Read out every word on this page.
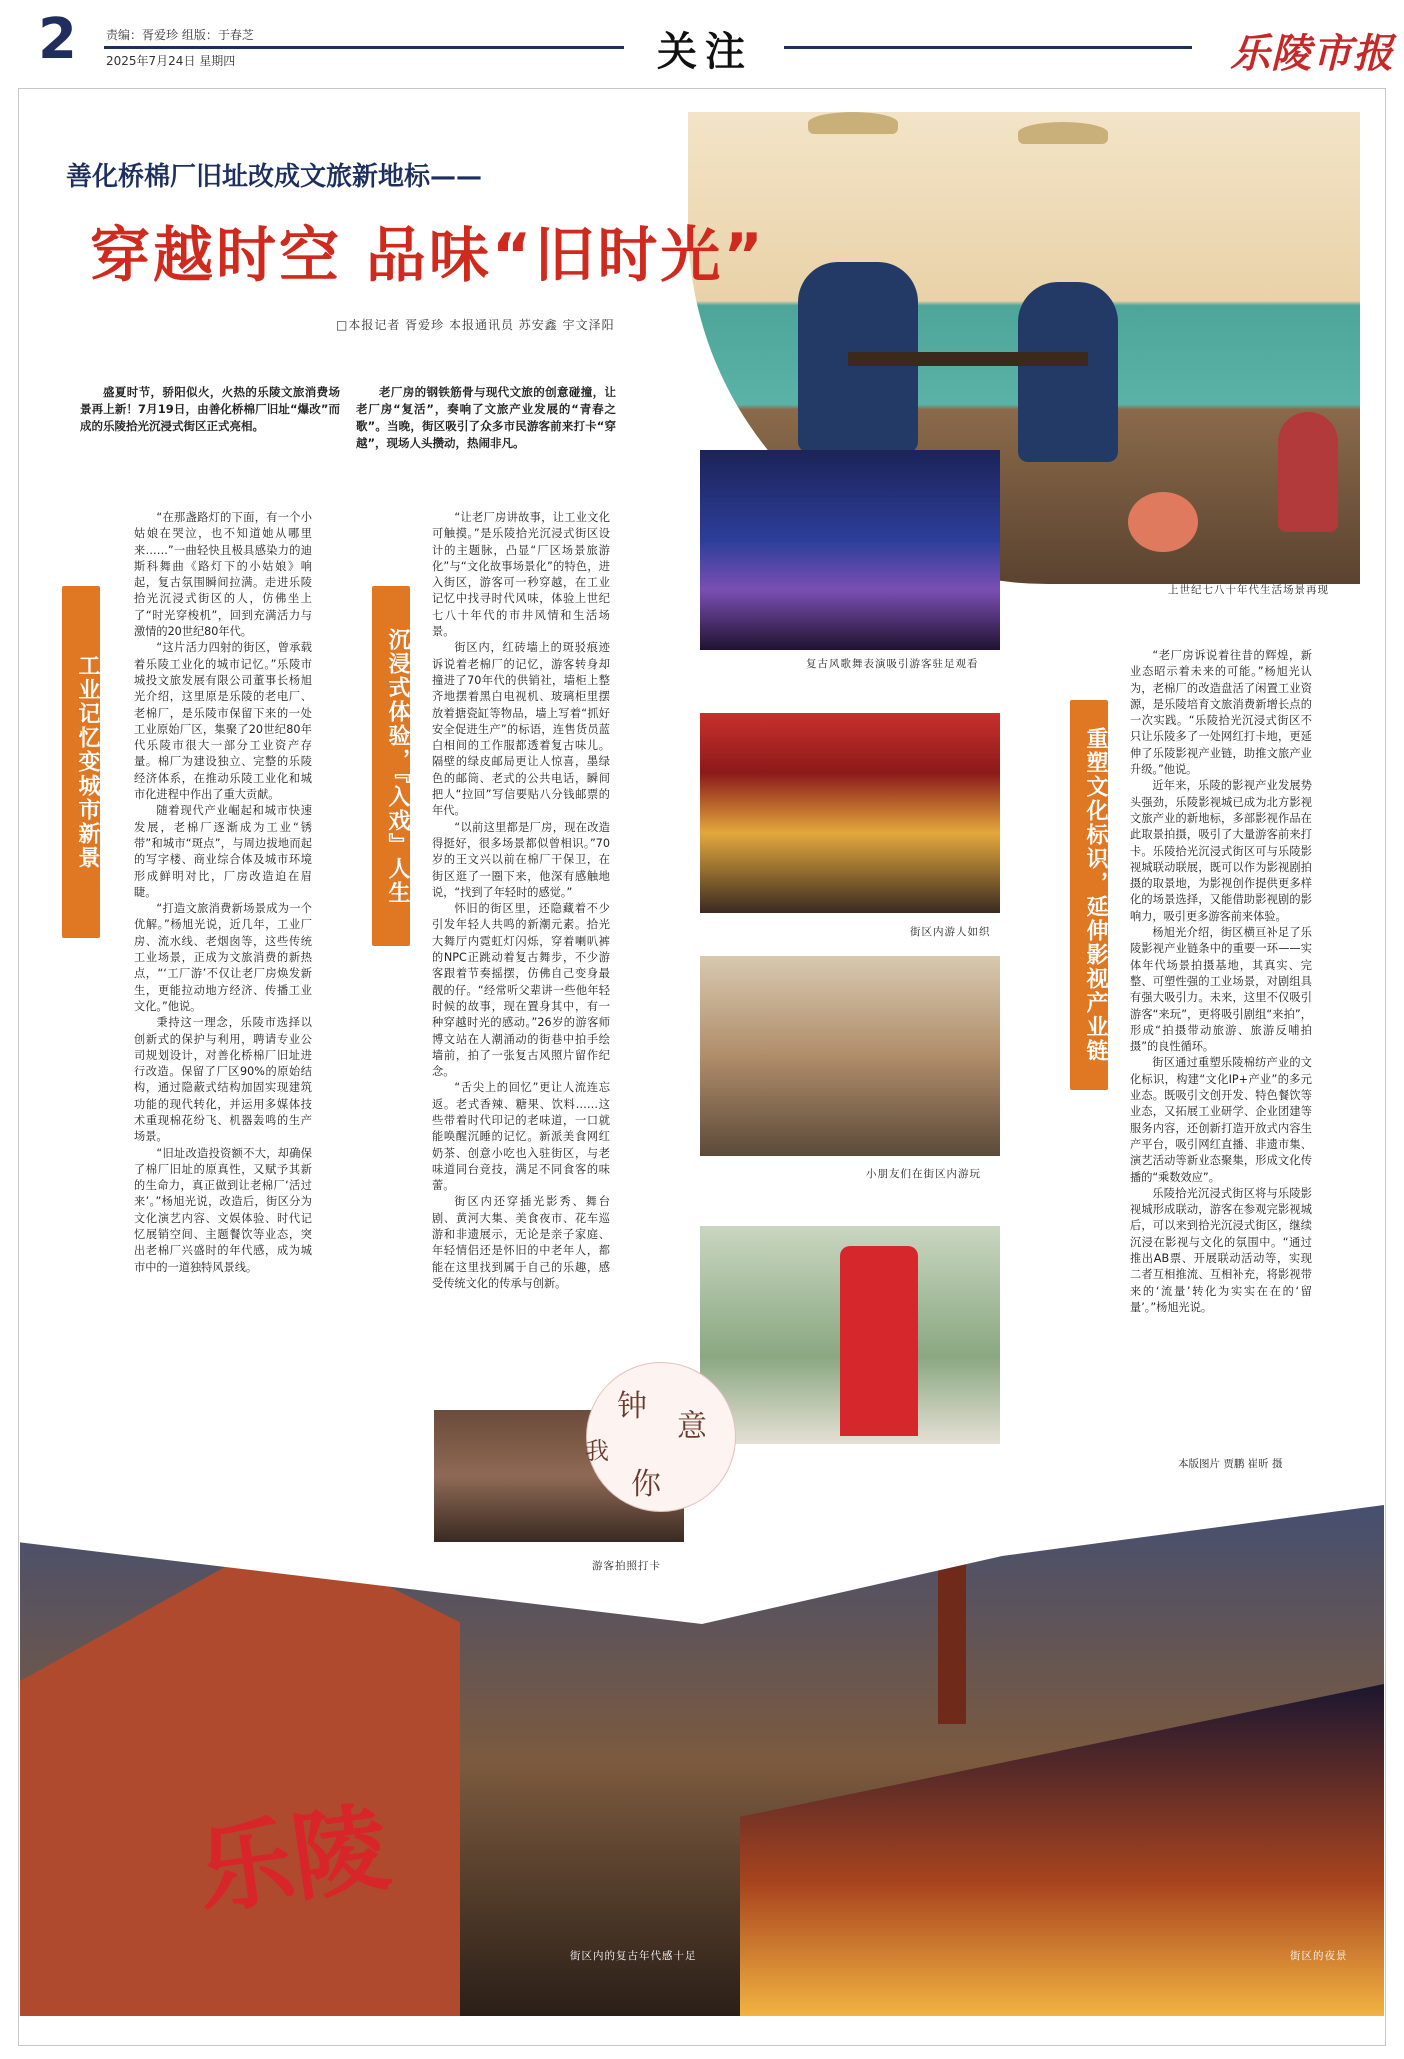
2 责编：胥爱珍 组版：于春芝
2025年7月24日 星期四	关注	乐陵市报
上世纪七八十年代生活场景再现
复古风歌舞表演吸引游客驻足观看
街区内游人如织
小朋友们在街区内游玩
乐陵
街区内的复古年代感十足	街区的夜景
钟
意
我
你
游客拍照打卡
善化桥棉厂旧址改成文旅新地标——
穿越时空 品味“旧时光”
□本报记者 胥爱珍 本报通讯员 苏安鑫 宇文泽阳
盛夏时节，骄阳似火，火热的乐陵文旅消费场景再上新！7月19日，由善化桥棉厂旧址“爆改”而成的乐陵拾光沉浸式街区正式亮相。
老厂房的钢铁筋骨与现代文旅的创意碰撞，让老厂房“复活”，奏响了文旅产业发展的“青春之歌”。当晚，街区吸引了众多市民游客前来打卡“穿越”，现场人头攒动，热闹非凡。
工业记忆变城市新景	沉浸式体验，『入戏』人生	重塑文化标识，延伸影视产业链

“在那盏路灯的下面，有一个小姑娘在哭泣，也不知道她从哪里来……”一曲轻快且极具感染力的迪斯科舞曲《路灯下的小姑娘》响起，复古氛围瞬间拉满。走进乐陵拾光沉浸式街区的人，仿佛坐上了“时光穿梭机”，回到充满活力与激情的20世纪80年代。

“这片活力四射的街区，曾承载着乐陵工业化的城市记忆。”乐陵市城投文旅发展有限公司董事长杨旭光介绍，这里原是乐陵的老电厂、老棉厂，是乐陵市保留下来的一处工业原始厂区，集聚了20世纪80年代乐陵市很大一部分工业资产存量。棉厂为建设独立、完整的乐陵经济体系，在推动乐陵工业化和城市化进程中作出了重大贡献。

随着现代产业崛起和城市快速发展，老棉厂逐渐成为工业“锈带”和城市“斑点”，与周边拔地而起的写字楼、商业综合体及城市环境形成鲜明对比，厂房改造迫在眉睫。

“打造文旅消费新场景成为一个优解。”杨旭光说，近几年，工业厂房、流水线、老烟囱等，这些传统工业场景，正成为文旅消费的新热点，“‘工厂游’不仅让老厂房焕发新生，更能拉动地方经济、传播工业文化。”他说。

秉持这一理念，乐陵市选择以创新式的保护与利用，聘请专业公司规划设计，对善化桥棉厂旧址进行改造。保留了厂区90%的原始结构，通过隐蔽式结构加固实现建筑功能的现代转化，并运用多媒体技术重现棉花纷飞、机器轰鸣的生产场景。

“旧址改造投资额不大，却确保了棉厂旧址的原真性，又赋予其新的生命力，真正做到让老棉厂‘活过来’。”杨旭光说，改造后，街区分为文化演艺内容、文娱体验、时代记忆展销空间、主题餐饮等业态，突出老棉厂兴盛时的年代感，成为城市中的一道独特风景线。

“让老厂房讲故事，让工业文化可触摸。”是乐陵拾光沉浸式街区设计的主题脉，凸显“厂区场景旅游化”与“文化故事场景化”的特色，进入街区，游客可一秒穿越，在工业记忆中找寻时代风味，体验上世纪七八十年代的市井风情和生活场景。

街区内，红砖墙上的斑驳痕迹诉说着老棉厂的记忆，游客转身却撞进了70年代的供销社，墙柜上整齐地摆着黑白电视机、玻璃柜里摆放着搪瓷缸等物品，墙上写着“抓好安全促进生产”的标语，连售货员蓝白相间的工作服都透着复古味儿。隔壁的绿皮邮局更让人惊喜，墨绿色的邮筒、老式的公共电话，瞬间把人“拉回”写信要贴八分钱邮票的年代。

“以前这里都是厂房，现在改造得挺好，很多场景都似曾相识。”70岁的王文兴以前在棉厂干保卫，在街区逛了一圈下来，他深有感触地说，“找到了年轻时的感觉。”

怀旧的街区里，还隐藏着不少引发年轻人共鸣的新潮元素。拾光大舞厅内霓虹灯闪烁，穿着喇叭裤的NPC正跳动着复古舞步，不少游客跟着节奏摇摆，仿佛自己变身最靓的仔。“经常听父辈讲一些他年轻时候的故事，现在置身其中，有一种穿越时光的感动。”26岁的游客师博文站在人潮涌动的街巷中拍手绘墙前，拍了一张复古风照片留作纪念。

“舌尖上的回忆”更让人流连忘返。老式香辣、糖果、饮料……这些带着时代印记的老味道，一口就能唤醒沉睡的记忆。新派美食网红奶茶、创意小吃也入驻街区，与老味道同台竞技，满足不同食客的味蕾。

街区内还穿插光影秀、舞台剧、黄河大集、美食夜市、花车巡游和非遗展示，无论是亲子家庭、年轻情侣还是怀旧的中老年人，都能在这里找到属于自己的乐趣，感受传统文化的传承与创新。

“老厂房诉说着往昔的辉煌，新业态昭示着未来的可能。”杨旭光认为，老棉厂的改造盘活了闲置工业资源，是乐陵培育文旅消费新增长点的一次实践。“乐陵拾光沉浸式街区不只让乐陵多了一处网红打卡地，更延伸了乐陵影视产业链，助推文旅产业升级。”他说。

近年来，乐陵的影视产业发展势头强劲，乐陵影视城已成为北方影视文旅产业的新地标，多部影视作品在此取景拍摄，吸引了大量游客前来打卡。乐陵拾光沉浸式街区可与乐陵影视城联动联展，既可以作为影视剧拍摄的取景地，为影视创作提供更多样化的场景选择，又能借助影视剧的影响力，吸引更多游客前来体验。

杨旭光介绍，街区横亘补足了乐陵影视产业链条中的重要一环——实体年代场景拍摄基地，其真实、完整、可塑性强的工业场景，对剧组具有强大吸引力。未来，这里不仅吸引游客“来玩”，更将吸引剧组“来拍”，形成“拍摄带动旅游、旅游反哺拍摄”的良性循环。

街区通过重塑乐陵棉纺产业的文化标识，构建“文化IP+产业”的多元业态。既吸引文创开发、特色餐饮等业态，又拓展工业研学、企业团建等服务内容，还创新打造开放式内容生产平台，吸引网红直播、非遗市集、演艺活动等新业态聚集，形成文化传播的“乘数效应”。

乐陵拾光沉浸式街区将与乐陵影视城形成联动，游客在参观完影视城后，可以来到拾光沉浸式街区，继续沉浸在影视与文化的氛围中。“通过推出AB票、开展联动活动等，实现二者互相推流、互相补充，将影视带来的‘流量’转化为实实在在的‘留量’。”杨旭光说。

本版图片 贾鹏 崔昕 摄
